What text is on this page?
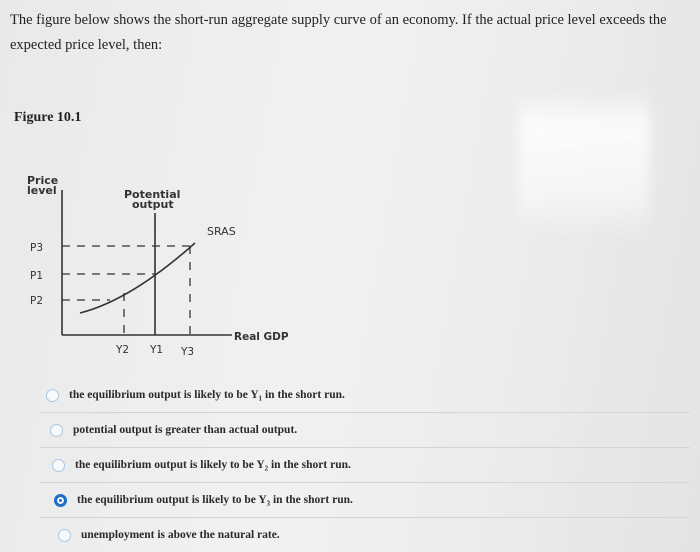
The figure below shows the short-run aggregate supply curve of an economy. If the actual price level exceeds the expected price level, then:
Figure 10.1
Price
level	Potential
output
SRAS
P3
P1
P2
Y2 Y1 Y3
Real GDP
the equilibrium output is likely to be Y₁ in the short run.
potential output is greater than actual output.
the equilibrium output is likely to be Y₂ in the short run.
the equilibrium output is likely to be Y₃ in the short run.
unemployment is above the natural rate.
